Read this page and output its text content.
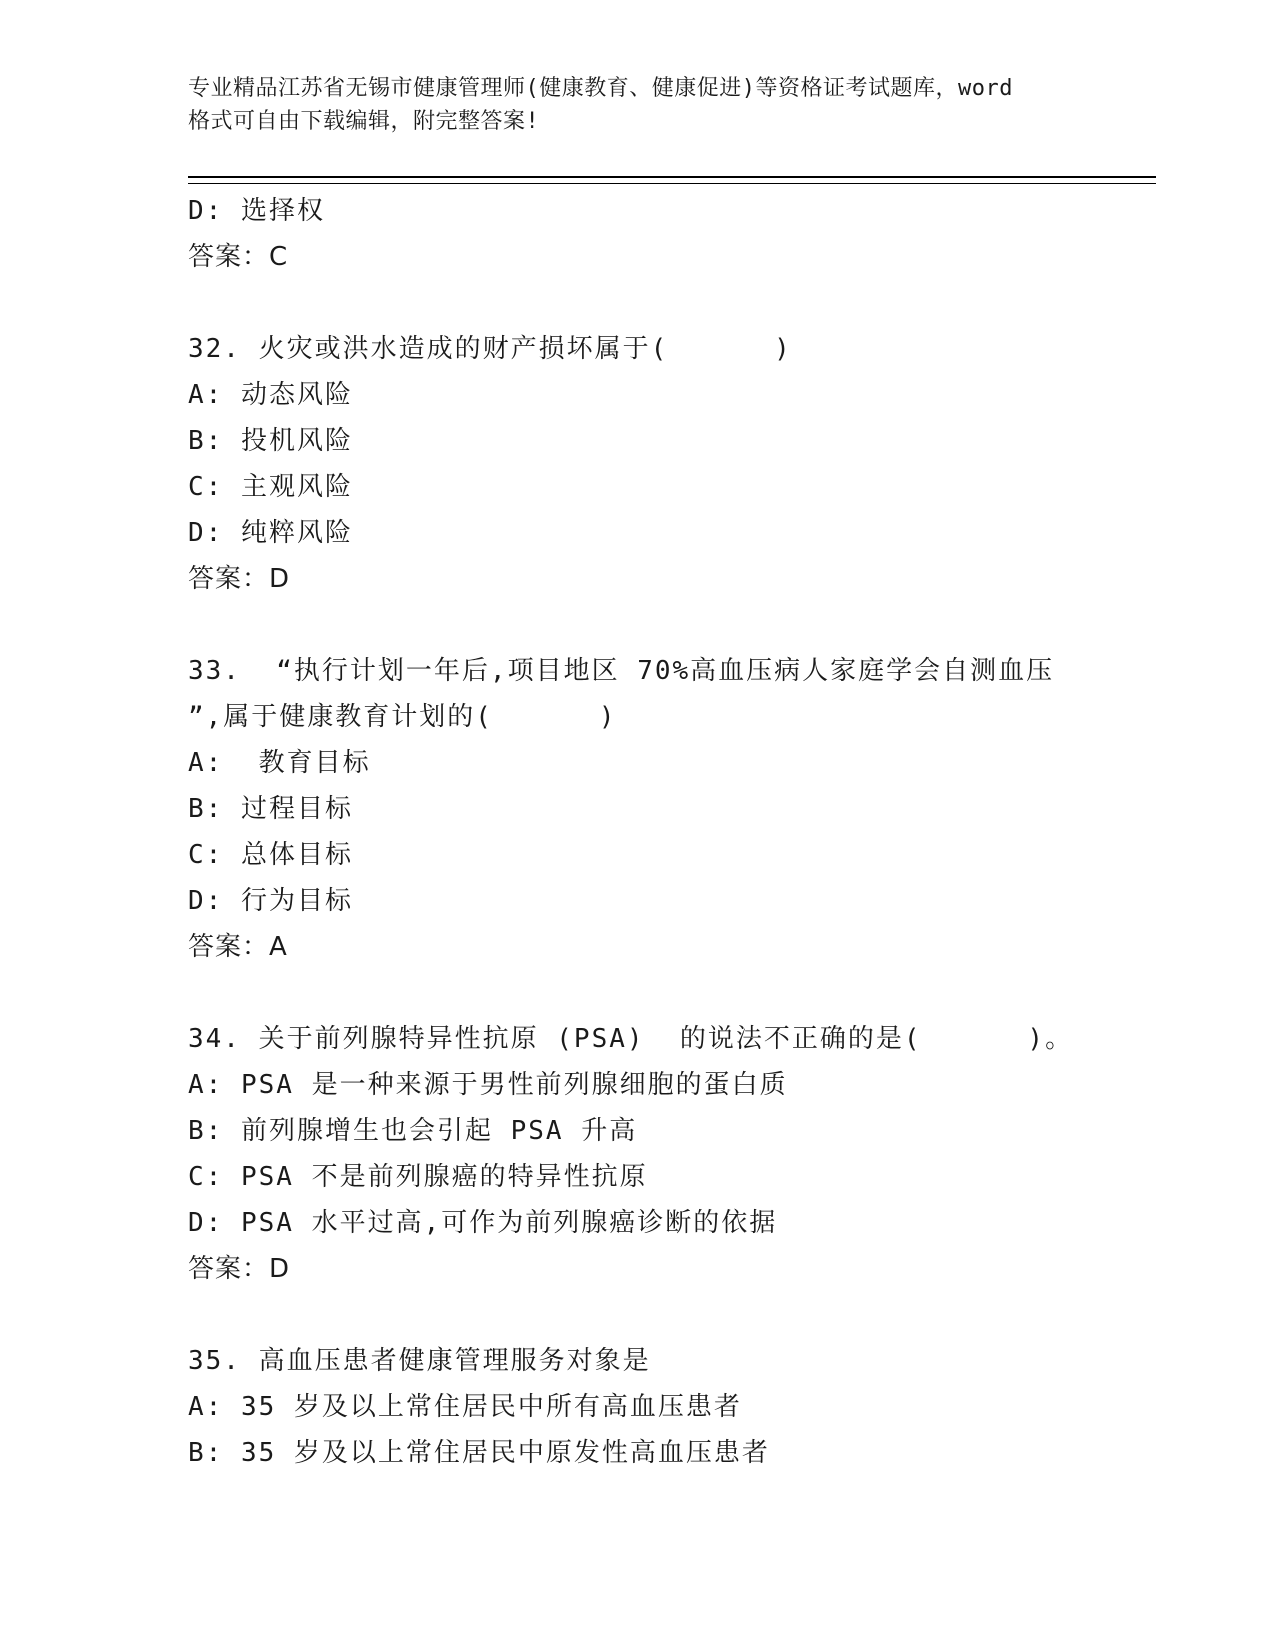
专业精品江苏省无锡市健康管理师(健康教育、健康促进)等资格证考试题库，word
格式可自由下载编辑，附完整答案!
D: 选择权
答案：C
32. 火灾或洪水造成的财产损坏属于(      )
A: 动态风险
B: 投机风险
C: 主观风险
D: 纯粹风险
答案：D
33.  “执行计划一年后,项目地区 70%高血压病人家庭学会自测血压
”,属于健康教育计划的(      )
A:  教育目标
B: 过程目标
C: 总体目标
D: 行为目标
答案：A
34. 关于前列腺特异性抗原 (PSA)  的说法不正确的是(      )。
A: PSA 是一种来源于男性前列腺细胞的蛋白质
B: 前列腺增生也会引起 PSA 升高
C: PSA 不是前列腺癌的特异性抗原
D: PSA 水平过高,可作为前列腺癌诊断的依据
答案：D
35. 高血压患者健康管理服务对象是
A: 35 岁及以上常住居民中所有高血压患者
B: 35 岁及以上常住居民中原发性高血压患者
